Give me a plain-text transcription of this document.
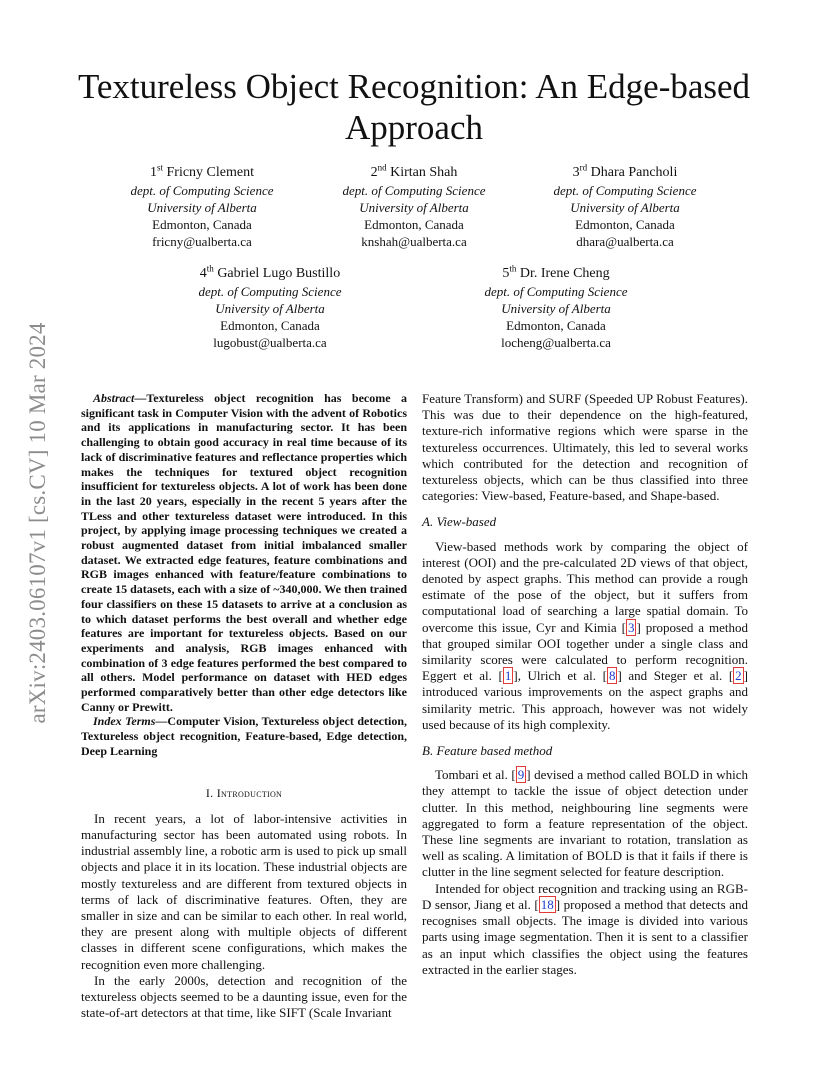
arXiv:2403.06107v1 [cs.CV] 10 Mar 2024
Textureless Object Recognition: An Edge-based Approach
1st Fricny Clement
dept. of Computing Science
University of Alberta
Edmonton, Canada
fricny@ualberta.ca
2nd Kirtan Shah
dept. of Computing Science
University of Alberta
Edmonton, Canada
knshah@ualberta.ca
3rd Dhara Pancholi
dept. of Computing Science
University of Alberta
Edmonton, Canada
dhara@ualberta.ca
4th Gabriel Lugo Bustillo
dept. of Computing Science
University of Alberta
Edmonton, Canada
lugobust@ualberta.ca
5th Dr. Irene Cheng
dept. of Computing Science
University of Alberta
Edmonton, Canada
locheng@ualberta.ca

Abstract—Textureless object recognition has become a significant task in Computer Vision with the advent of Robotics and its applications in manufacturing sector. It has been challenging to obtain good accuracy in real time because of its lack of discriminative features and reflectance properties which makes the techniques for textured object recognition insufficient for textureless objects. A lot of work has been done in the last 20 years, especially in the recent 5 years after the TLess and other textureless dataset were introduced. In this project, by applying image processing techniques we created a robust augmented dataset from initial imbalanced smaller dataset. We extracted edge features, feature combinations and RGB images enhanced with feature/feature combinations to create 15 datasets, each with a size of ~340,000. We then trained four classifiers on these 15 datasets to arrive at a conclusion as to which dataset performs the best overall and whether edge features are important for textureless objects. Based on our experiments and analysis, RGB images enhanced with combination of 3 edge features performed the best compared to all others. Model performance on dataset with HED edges performed comparatively better than other edge detectors like Canny or Prewitt.

Index Terms—Computer Vision, Textureless object detection, Textureless object recognition, Feature-based, Edge detection, Deep Learning

I. Introduction

In recent years, a lot of labor-intensive activities in manufacturing sector has been automated using robots. In industrial assembly line, a robotic arm is used to pick up small objects and place it in its location. These industrial objects are mostly textureless and are different from textured objects in terms of lack of discriminative features. Often, they are smaller in size and can be similar to each other. In real world, they are present along with multiple objects of different classes in different scene configurations, which makes the recognition even more challenging.

In the early 2000s, detection and recognition of the textureless objects seemed to be a daunting issue, even for the state-of-art detectors at that time, like SIFT (Scale Invariant

Feature Transform) and SURF (Speeded UP Robust Features). This was due to their dependence on the high-featured, texture-rich informative regions which were sparse in the textureless occurrences. Ultimately, this led to several works which contributed for the detection and recognition of textureless objects, which can be thus classified into three categories: View-based, Feature-based, and Shape-based.

A. View-based

View-based methods work by comparing the object of interest (OOI) and the pre-calculated 2D views of that object, denoted by aspect graphs. This method can provide a rough estimate of the pose of the object, but it suffers from computational load of searching a large spatial domain. To overcome this issue, Cyr and Kimia [ 3 ] proposed a method that grouped similar OOI together under a single class and similarity scores were calculated to perform recognition. Eggert et al. [ 1 ], Ulrich et al. [ 8 ] and Steger et al. [ 2 ] introduced various improvements on the aspect graphs and similarity metric. This approach, however was not widely used because of its high complexity.

B. Feature based method

Tombari et al. [ 9 ] devised a method called BOLD in which they attempt to tackle the issue of object detection under clutter. In this method, neighbouring line segments were aggregated to form a feature representation of the object. These line segments are invariant to rotation, translation as well as scaling. A limitation of BOLD is that it fails if there is clutter in the line segment selected for feature description.

Intended for object recognition and tracking using an RGB-D sensor, Jiang et al. [ 18 ] proposed a method that detects and recognises small objects. The image is divided into various parts using image segmentation. Then it is sent to a classifier as an input which classifies the object using the features extracted in the earlier stages.
